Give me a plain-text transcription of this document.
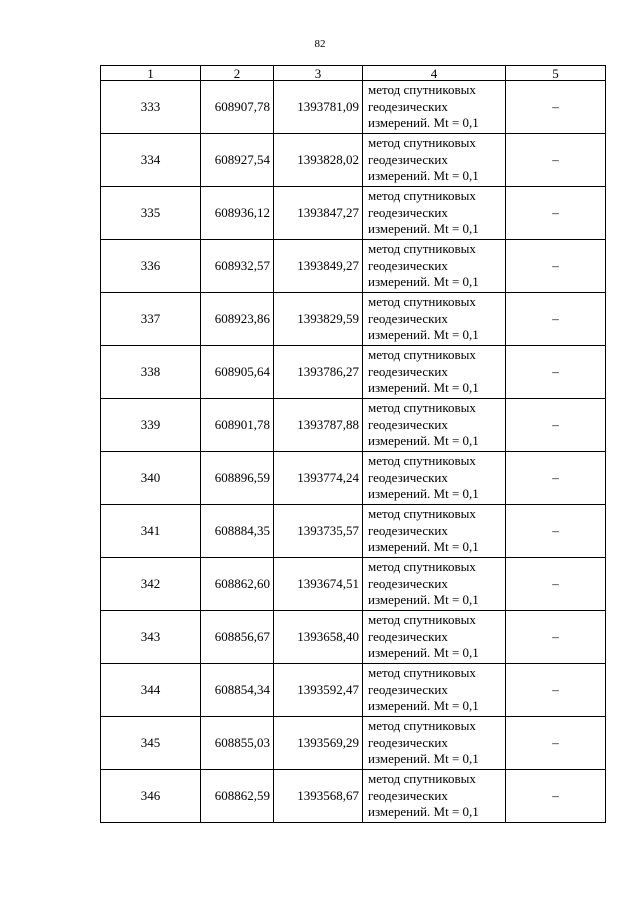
82
1	2	3	4	5
333	608907,78	1393781,09	метод спутниковых
геодезических
измерений. Mt = 0,1	–
334	608927,54	1393828,02	метод спутниковых
геодезических
измерений. Mt = 0,1	–
335	608936,12	1393847,27	метод спутниковых
геодезических
измерений. Mt = 0,1	–
336	608932,57	1393849,27	метод спутниковых
геодезических
измерений. Mt = 0,1	–
337	608923,86	1393829,59	метод спутниковых
геодезических
измерений. Mt = 0,1	–
338	608905,64	1393786,27	метод спутниковых
геодезических
измерений. Mt = 0,1	–
339	608901,78	1393787,88	метод спутниковых
геодезических
измерений. Mt = 0,1	–
340	608896,59	1393774,24	метод спутниковых
геодезических
измерений. Mt = 0,1	–
341	608884,35	1393735,57	метод спутниковых
геодезических
измерений. Mt = 0,1	–
342	608862,60	1393674,51	метод спутниковых
геодезических
измерений. Mt = 0,1	–
343	608856,67	1393658,40	метод спутниковых
геодезических
измерений. Mt = 0,1	–
344	608854,34	1393592,47	метод спутниковых
геодезических
измерений. Mt = 0,1	–
345	608855,03	1393569,29	метод спутниковых
геодезических
измерений. Mt = 0,1	–
346	608862,59	1393568,67	метод спутниковых
геодезических
измерений. Mt = 0,1	–
